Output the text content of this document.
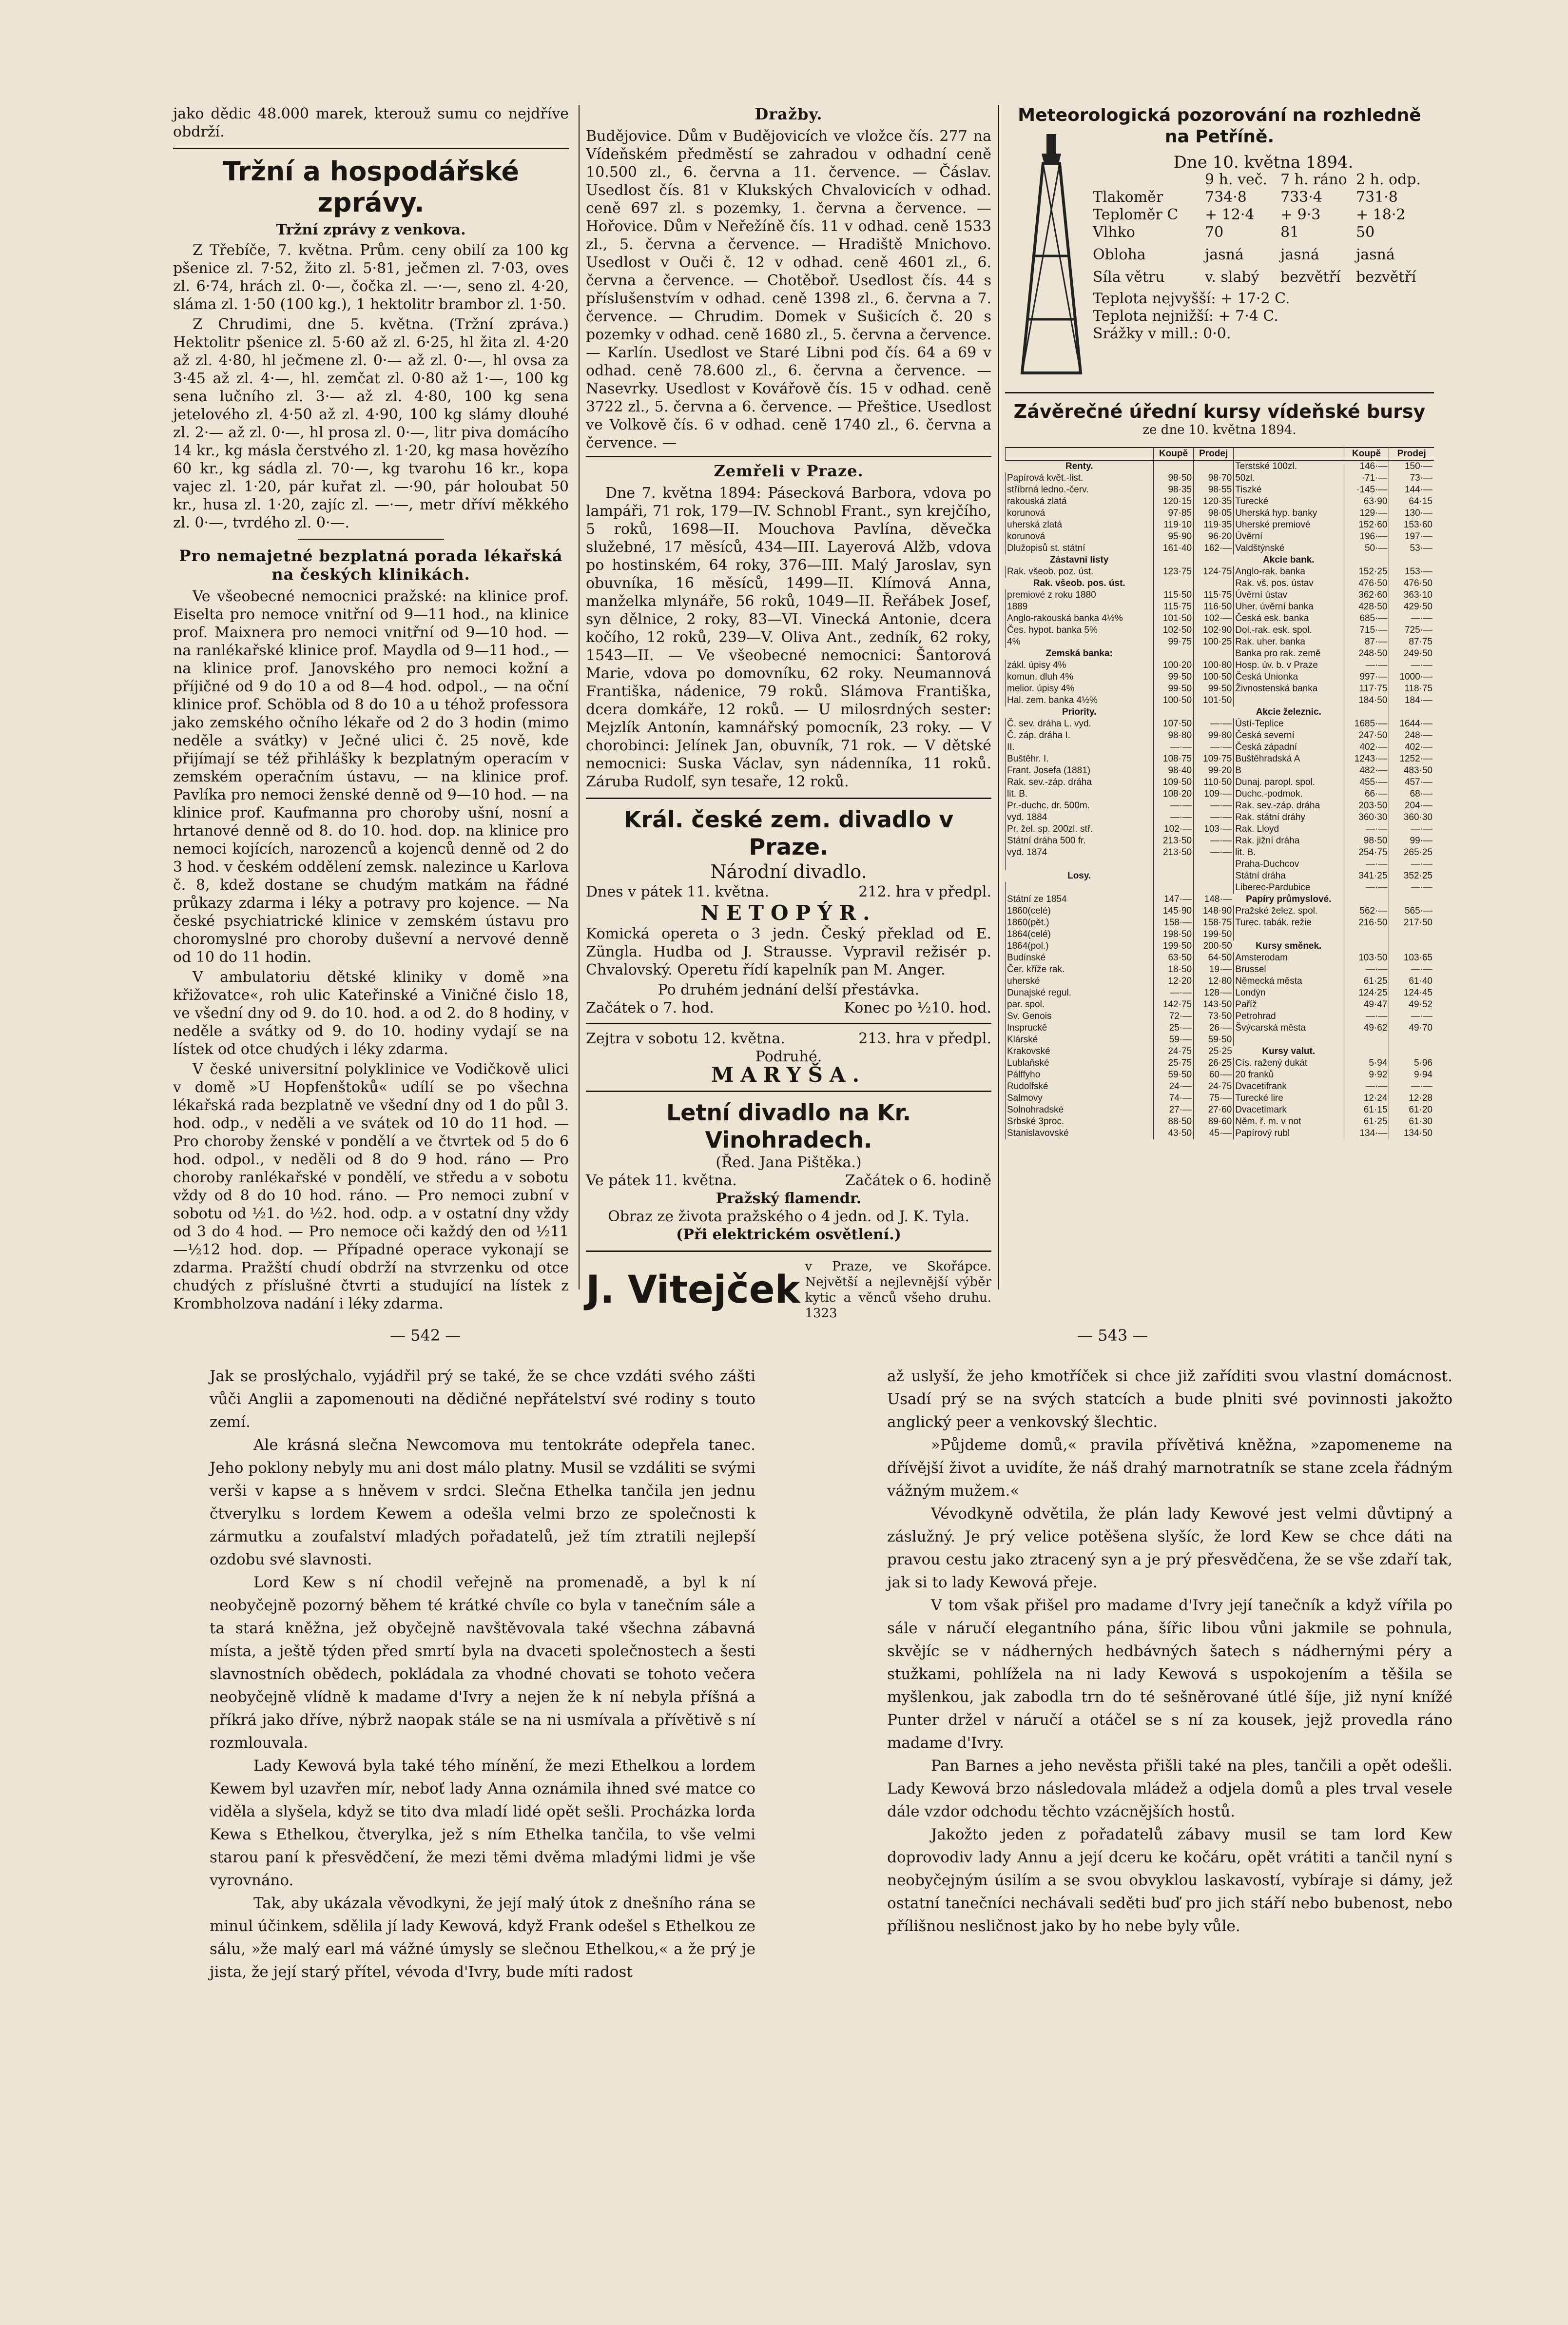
jako dědic 48.000 marek, kterouž sumu co nejdříve obdrží.

Tržní a hospodářské zprávy.
Tržní zprávy z venkova.

Z Třebíče, 7. května. Prům. ceny obilí za 100 kg pšenice zl. 7·52, žito zl. 5·81, ječmen zl. 7·03, oves zl. 6·74, hrách zl. 0·—, čočka zl. —·—, seno zl. 4·20, sláma zl. 1·50 (100 kg.), 1 hektolitr brambor zl. 1·50.

Z Chrudimi, dne 5. května. (Tržní zpráva.) Hektolitr pšenice zl. 5·60 až zl. 6·25, hl žita zl. 4·20 až zl. 4·80, hl ječmene zl. 0·— až zl. 0·—, hl ovsa za 3·45 až zl. 4·—, hl. zemčat zl. 0·80 až 1·—, 100 kg sena lučního zl. 3·— až zl. 4·80, 100 kg sena jetelového zl. 4·50 až zl. 4·90, 100 kg slámy dlouhé zl. 2·— až zl. 0·—, hl prosa zl. 0·—, litr piva domácího 14 kr., kg másla čerstvého zl. 1·20, kg masa hovězího 60 kr., kg sádla zl. 70·—, kg tvarohu 16 kr., kopa vajec zl. 1·20, pár kuřat zl. —·90, pár holoubat 50 kr., husa zl. 1·20, zajíc zl. —·—, metr dříví měkkého zl. 0·—, tvrdého zl. 0·—.

Pro nemajetné bezplatná porada lékařská na českých klinikách.

Ve všeobecné nemocnici pražské: na klinice prof. Eiselta pro nemoce vnitřní od 9—11 hod., na klinice prof. Maixnera pro nemoci vnitřní od 9—10 hod. — na ranlékařské klinice prof. Maydla od 9—11 hod., — na klinice prof. Janovského pro nemoci kožní a příjičné od 9 do 10 a od 8—4 hod. odpol., — na oční klinice prof. Schöbla od 8 do 10 a u téhož professora jako zemského očního lékaře od 2 do 3 hodin (mimo neděle a svátky) v Ječné ulici č. 25 nově, kde přijímají se též přihlášky k bezplatným operacím v zemském operačním ústavu, — na klinice prof. Pavlíka pro nemoci ženské denně od 9—10 hod. — na klinice prof. Kaufmanna pro choroby ušní, nosní a hrtanové denně od 8. do 10. hod. dop. na klinice pro nemoci kojících, narozenců a kojenců denně od 2 do 3 hod. v českém oddělení zemsk. nalezince u Karlova č. 8, kdež dostane se chudým matkám na řádné průkazy zdarma i léky a potravy pro kojence. — Na české psychiatrické klinice v zemském ústavu pro choromyslné pro choroby duševní a nervové denně od 10 do 11 hodin.

V ambulatoriu dětské kliniky v domě »na křižovatce«, roh ulic Kateřinské a Viničné čislo 18, ve všední dny od 9. do 10. hod. a od 2. do 8 hodiny, v neděle a svátky od 9. do 10. hodiny vydají se na lístek od otce chudých i léky zdarma.

V české universitní polyklinice ve Vodičkově ulici v domě »U Hopfenštoků« udílí se po všechna lékařská rada bezplatně ve všední dny od 1 do půl 3. hod. odp., v neděli a ve svátek od 10 do 11 hod. — Pro choroby ženské v pondělí a ve čtvrtek od 5 do 6 hod. odpol., v neděli od 8 do 9 hod. ráno — Pro choroby ranlékařské v pondělí, ve středu a v sobotu vždy od 8 do 10 hod. ráno. — Pro nemoci zubní v sobotu od ½1. do ½2. hod. odp. a v ostatní dny vždy od 3 do 4 hod. — Pro nemoce oči každý den od ½11—½12 hod. dop. — Případné operace vykonají se zdarma. Pražští chudí obdrží na stvrzenku od otce chudých z příslušné čtvrti a studující na lístek z Krombholzova nadání i léky zdarma.

Dražby.

Budějovice. Dům v Budějovicích ve vložce čís. 277 na Vídeňském předměstí se zahradou v odhadní ceně 10.500 zl., 6. června a 11. července. — Čáslav. Usedlost čís. 81 v Klukských Chvalovicích v odhad. ceně 697 zl. s pozemky, 1. června a července. — Hořovice. Dům v Neřežíně čís. 11 v odhad. ceně 1533 zl., 5. června a července. — Hradiště Mnichovo. Usedlost v Ouči č. 12 v odhad. ceně 4601 zl., 6. června a července. — Chotěboř. Usedlost čís. 44 s příslušenstvím v odhad. ceně 1398 zl., 6. června a 7. července. — Chrudim. Domek v Sušicích č. 20 s pozemky v odhad. ceně 1680 zl., 5. června a července. — Karlín. Usedlost ve Staré Libni pod čís. 64 a 69 v odhad. ceně 78.600 zl., 6. června a července. — Nasevrky. Usedlost v Kovářově čís. 15 v odhad. ceně 3722 zl., 5. června a 6. července. — Přeštice. Usedlost ve Volkově čís. 6 v odhad. ceně 1740 zl., 6. června a července. —

Zemřeli v Praze.

Dne 7. května 1894: Pásecková Barbora, vdova po lampáři, 71 rok, 179—IV. Schnobl Frant., syn krejčího, 5 roků, 1698—II. Mouchova Pavlína, děvečka služebné, 17 měsíců, 434—III. Layerová Alžb, vdova po hostinském, 64 roky, 376—III. Malý Jaroslav, syn obuvníka, 16 měsíců, 1499—II. Klímová Anna, manželka mlynáře, 56 roků, 1049—II. Řeřábek Josef, syn dělnice, 2 roky, 83—VI. Vinecká Antonie, dcera kočího, 12 roků, 239—V. Oliva Ant., zedník, 62 roky, 1543—II. — Ve všeobecné nemocnici: Šantorová Marie, vdova po domovníku, 62 roky. Neumannová Františka, nádenice, 79 roků. Slámova Františka, dcera domkáře, 12 roků. — U milosrdných sester: Mejzlík Antonín, kamnářský pomocník, 23 roky. — V chorobinci: Jelínek Jan, obuvník, 71 rok. — V dětské nemocnici: Suska Václav, syn nádenníka, 11 roků. Záruba Rudolf, syn tesaře, 12 roků.

Král. české zem. divadlo v Praze.
Národní divadlo.
Dnes v pátek 11. května.	212. hra v předpl.
NETOPÝR.
Komická opereta o 3 jedn. Český překlad od E. Züngla. Hudba od J. Strausse. Vypravil režisér p. Chvalovský. Operetu řídí kapelník pan M. Anger.
Po druhém jednání delší přestávka.
Začátek o 7. hod.	Konec po ½10. hod.
Zejtra v sobotu 12. května.	213. hra v předpl.
Podruhé.
MARYŠA.
Letní divadlo na Kr. Vinohradech.
(Řed. Jana Pištěka.)
Ve pátek 11. května.	Začátek o 6. hodině
Pražský flamendr.
Obraz ze života pražského o 4 jedn. od J. K. Tyla.
(Při elektrickém osvětlení.)
J. Vitejček
v Praze, ve Skořápce. Největší a nejlevnější výběr kytic a věnců všeho druhu. 1323
Meteorologická pozorování na rozhledně na Petříně.
Dne 10. května 1894.
9 h. več. 7 h. ráno 2 h. odp.
Tlakoměr	734·8	733·4	731·8
Teploměr C	+ 12·4	+ 9·3	+ 18·2
Vlhko	70	81	50
Obloha	jasná	jasná	jasná
Síla větru	v. slabý	bezvětří	bezvětří
Teplota nejvyšší: + 17·2 C.
Teplota nejnižší: + 7·4 C.
Srážky v mill.: 0·0.
Závěrečné úřední kursy vídeňské bursy
ze dne 10. května 1894.
	Koupě	Prodej		Koupě	Prodej
Renty.			Terstské 100zl.	146·—	150·—
Papírová květ.-list.	98·50	98·70	50zl.	·71·—	73·—
stříbrná ledno.-červ.	98·35	98·55	Tiszké	·145·—	144·—
rakouská zlatá	120·15	120·35	Turecké	63·90	64·15
korunová	97·85	98·05	Uherská hyp. banky	129·—	130·—
uherská zlatá	119·10	119·35	Uherské premiové	152·60	153·60
korunová	95·90	96·20	Úvěrní	196·—	197·—
Dlužopisů st. státní	161·40	162·—	Valdštýnské	50·—	53·—
Zástavní listy			Akcie bank.		
Rak. všeob. poz. úst.	123·75	124·75	Anglo-rak. banka	152·25	153·—
Rak. všeob. pos. úst.			Rak. vš. pos. ústav	476·50	476·50
premiové z roku 1880	115·50	115·75	Úvěrní ústav	362·60	363·10
1889	115·75	116·50	Uher. úvěrní banka	428·50	429·50
Anglo-rakouská banka 4½%	101·50	102·—	Česká esk. banka	685·—	—·—
Čes. hypot. banka 5%	102·50	102·90	Dol.-rak. esk. spol.	715·—	725·—
4%	99·75	100·25	Rak. uher. banka	87·—	87·75
Zemská banka:			Banka pro rak. země	248·50	249·50
zákl. úpisy 4%	100·20	100·80	Hosp. úv. b. v Praze	—·—	—·—
komun. dluh 4%	99·50	100·50	Česká Unionka	997·—	1000·—
melior. úpisy 4%	99·50	99·50	Živnostenská banka	117·75	118·75
Hal. zem. banka 4½%	100·50	101·50		184·50	184·—
Priority.			Akcie železnic.		
Č. sev. dráha L. vyd.	107·50	—·—	Ústí-Teplice	1685·—	1644·—
Č. záp. dráha I.	98·80	99·80	Česká severní	247·50	248·—
II.	—·—	—·—	Česká západní	402·—	402·—
Buštěhr. I.	108·75	109·75	Buštěhradská A	1243·—	1252·—
Frant. Josefa (1881)	98·40	99·20	B	482·—	483·50
Rak. sev.-záp. dráha	109·50	110·50	Dunaj. paropl. spol.	455·—	457·—
lit. B.	108·20	109·—	Duchc.-podmok.	66·—	68·—
Pr.-duchc. dr. 500m.	—·—	—·—	Rak. sev.-záp. dráha	203·50	204·—
vyd. 1884	—·—	—·—	Rak. státní dráhy	360·30	360·30
Pr. žel. sp. 200zl. stř.	102·—	103·—	Rak. Lloyd	—·—	—·—
Státní dráha 500 fr.	213·50	—·—	Rak. jižní dráha	98·50	99·—
vyd. 1874	213·50	—·—	lit. B.	254·75	265·25
			Praha-Duchcov	—·—	—·—
Losy.			Státní dráha	341·25	352·25
			Liberec-Pardubice	—·—	—·—
Státní ze 1854	147·—	148·—	Papíry průmyslové.		
1860(celé)	145·90	148·90	Pražské želez. spol.	562·—	565·—
1860(pět.)	158·—	158·75	Turec. tabák. režie	216·50	217·50
1864(celé)	198·50	199·50			
1864(pol.)	199·50	200·50	Kursy směnek.		
Budínské	63·50	64·50	Amsterodam	103·50	103·65
Čer. kříže rak.	18·50	19·—	Brussel	—·—	—·—
uherské	12·20	12·80	Německá města	61·25	61·40
Dunajské regul.	—·—	128·—	Londýn	124·25	124·45
par. spol.	142·75	143·50	Paříž	49·47	49·52
Sv. Genois	72·—	73·50	Petrohrad	—·—	—·—
Inspruckě	25·—	26·—	Švýcarská města	49·62	49·70
Klárské	59·—	59·50			
Krakovské	24·75	25·25	Kursy valut.		
Lublaňské	25·75	26·25	Cís. ražený dukát	5·94	5·96
Pálffyho	59·50	60·—	20 franků	9·92	9·94
Rudolfské	24·—	24·75	Dvacetifrank	—·—	—·—
Salmovy	74·—	75·—	Turecké lire	12·24	12·28
Solnohradské	27·—	27·60	Dvacetimark	61·15	61·20
Srbské 3proc.	88·50	89·60	Něm. ř. m. v not	61·25	61·30
Stanislavovské	43·50	45·—	Papírový rubl	134·—	134·50
— 542 —	— 543 —

Jak se proslýchalo, vyjádřil prý se také, že se chce vzdáti svého zášti vůči Anglii a zapomenouti na dědičné nepřátelství své rodiny s touto zemí.

Ale krásná slečna Newcomova mu tentokráte odepřela tanec. Jeho poklony nebyly mu ani dost málo platny. Musil se vzdáliti se svými verši v kapse a s hněvem v srdci. Slečna Ethelka tančila jen jednu čtverylku s lordem Kewem a odešla velmi brzo ze společnosti k zármutku a zoufalství mladých pořadatelů, jež tím ztratili nejlepší ozdobu své slavnosti.

Lord Kew s ní chodil veřejně na promenadě, a byl k ní neobyčejně pozorný během té krátké chvíle co byla v tanečním sále a ta stará kněžna, jež obyčejně navštěvovala také všechna zábavná místa, a ještě týden před smrtí byla na dvaceti společnostech a šesti slavnostních obědech, pokládala za vhodné chovati se tohoto večera neobyčejně vlídně k madame d'Ivry a nejen že k ní nebyla příšná a příkrá jako dříve, nýbrž naopak stále se na ni usmívala a přívětivě s ní rozmlouvala.

Lady Kewová byla také tého mínění, že mezi Ethelkou a lordem Kewem byl uzavřen mír, neboť lady Anna oznámila ihned své matce co viděla a slyšela, když se tito dva mladí lidé opět sešli. Procházka lorda Kewa s Ethelkou, čtverylka, jež s ním Ethelka tančila, to vše velmi starou paní k přesvědčení, že mezi těmi dvěma mladými lidmi je vše vyrovnáno.

Tak, aby ukázala věvodkyni, že její malý útok z dnešního rána se minul účinkem, sdělila jí lady Kewová, když Frank odešel s Ethelkou ze sálu, »že malý earl má vážné úmysly se slečnou Ethelkou,« a že prý je jista, že její starý přítel, vévoda d'Ivry, bude míti radost

až uslyší, že jeho kmotříček si chce již zaříditi svou vlastní domácnost. Usadí prý se na svých statcích a bude plniti své povinnosti jakožto anglický peer a venkovský šlechtic.

»Půjdeme domů,« pravila přívětivá kněžna, »zapomeneme na dřívější život a uvidíte, že náš drahý marnotratník se stane zcela řádným vážným mužem.«

Vévodkyně odvětila, že plán lady Kewové jest velmi důvtipný a záslužný. Je prý velice potěšena slyšíc, že lord Kew se chce dáti na pravou cestu jako ztracený syn a je prý přesvědčena, že se vše zdaří tak, jak si to lady Kewová přeje.

V tom však přišel pro madame d'Ivry její tanečník a když vířila po sále v náručí elegantního pána, šířic libou vůni jakmile se pohnula, skvějíc se v nádherných hedbávných šatech s nádhernými péry a stužkami, pohlížela na ni lady Kewová s uspokojením a těšila se myšlenkou, jak zabodla trn do té sešněrované útlé šíje, již nyní knížé Punter držel v náručí a otáčel se s ní za kousek, jejž provedla ráno madame d'Ivry.

Pan Barnes a jeho nevěsta přišli také na ples, tančili a opět odešli. Lady Kewová brzo následovala mládež a odjela domů a ples trval vesele dále vzdor odchodu těchto vzácnějších hostů.

Jakožto jeden z pořadatelů zábavy musil se tam lord Kew doprovodiv lady Annu a její dceru ke kočáru, opět vrátiti a tančil nyní s neobyčejným úsilím a se svou obvyklou laskavostí, vybíraje si dámy, jež ostatní tanečníci nechávali seděti buď pro jich stáří nebo bubenost, nebo přílišnou nesličnost jako by ho nebe byly vůle.
